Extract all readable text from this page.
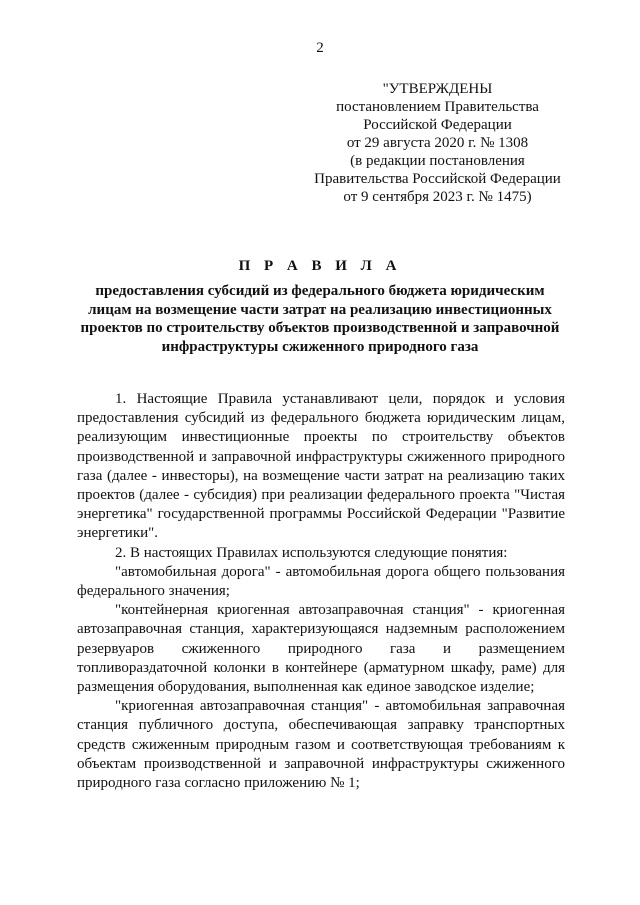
2
"УТВЕРЖДЕНЫ
постановлением Правительства
Российской Федерации
от 29 августа 2020 г. № 1308
(в редакции постановления
Правительства Российской Федерации
от 9 сентября 2023 г. № 1475)
П Р А В И Л А
предоставления субсидий из федерального бюджета юридическим
лицам на возмещение части затрат на реализацию инвестиционных
проектов по строительству объектов производственной и заправочной
инфраструктуры сжиженного природного газа

1. Настоящие Правила устанавливают цели, порядок и условия предоставления субсидий из федерального бюджета юридическим лицам, реализующим инвестиционные проекты по строительству объектов производственной и заправочной инфраструктуры сжиженного природного газа (далее - инвесторы), на возмещение части затрат на реализацию таких проектов (далее - субсидия) при реализации федерального проекта "Чистая энергетика" государственной программы Российской Федерации "Развитие энергетики".

2. В настоящих Правилах используются следующие понятия:

"автомобильная дорога" - автомобильная дорога общего пользования федерального значения;

"контейнерная криогенная автозаправочная станция" - криогенная автозаправочная станция, характеризующаяся надземным расположением резервуаров сжиженного природного газа и размещением топливораздаточной колонки в контейнере (арматурном шкафу, раме) для размещения оборудования, выполненная как единое заводское изделие;

"криогенная автозаправочная станция" - автомобильная заправочная станция публичного доступа, обеспечивающая заправку транспортных средств сжиженным природным газом и соответствующая требованиям к объектам производственной и заправочной инфраструктуры сжиженного природного газа согласно приложению № 1;
